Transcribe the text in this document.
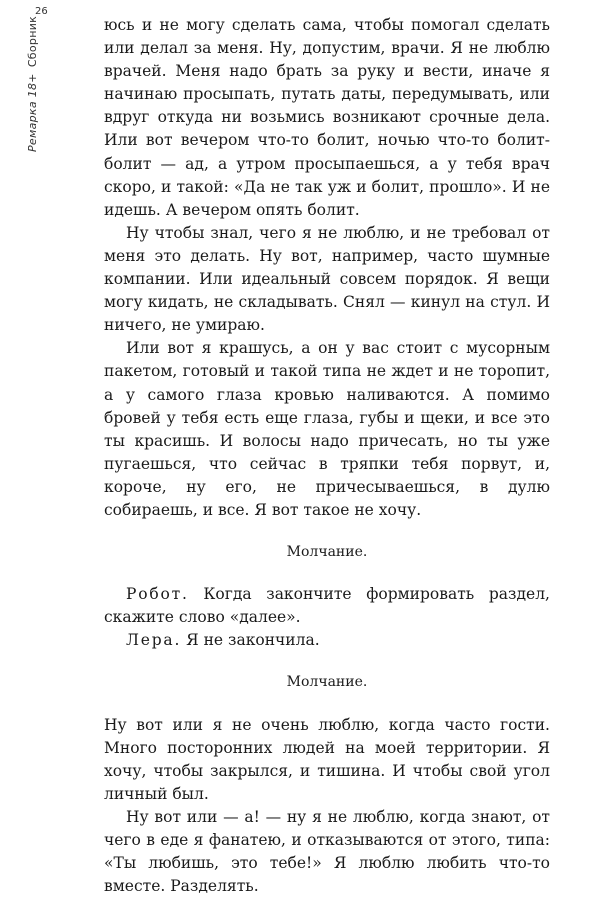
26
Ремарка 18+Сборник	юсь и не могу сделать сама, чтобы помогал сделать или делал за меня. Ну, допустим, врачи. Я не люблю врачей. Меня надо брать за руку и вести, иначе я начинаю просыпать, путать даты, передумывать, или вдруг откуда ни возьмись возникают срочные дела. Или вот вечером что-то болит, ночью что-то болит-болит — ад, а утром просыпаешься, а у тебя врач скоро, и такой: «Да не так уж и болит, прошло». И не идешь. А вечером опять болит.

Ну чтобы знал, чего я не люблю, и не требовал от меня это делать. Ну вот, например, часто шумные компании. Или идеальный совсем порядок. Я вещи могу кидать, не складывать. Снял — кинул на стул. И ничего, не умираю.

Или вот я крашусь, а он у вас стоит с мусорным пакетом, готовый и такой типа не ждет и не торопит, а у самого глаза кровью наливаются. А помимо бровей у тебя есть еще глаза, губы и щеки, и все это ты красишь. И волосы надо причесать, но ты уже пугаешься, что сейчас в тряпки тебя порвут, и, короче, ну его, не причесываешься, в дулю собираешь, и все. Я вот такое не хочу.

Молчание.

Робот. Когда закончите формировать раздел, скажите слово «далее».

Лера. Я не закончила.

Молчание.

Ну вот или я не очень люблю, когда часто гости. Много посторонних людей на моей территории. Я хочу, чтобы закрылся, и тишина. И чтобы свой угол личный был.

Ну вот или — а! — ну я не люблю, когда знают, от чего в еде я фанатею, и отказываются от этого, типа: «Ты любишь, это тебе!» Я люблю любить что-то вместе. Разделять.
